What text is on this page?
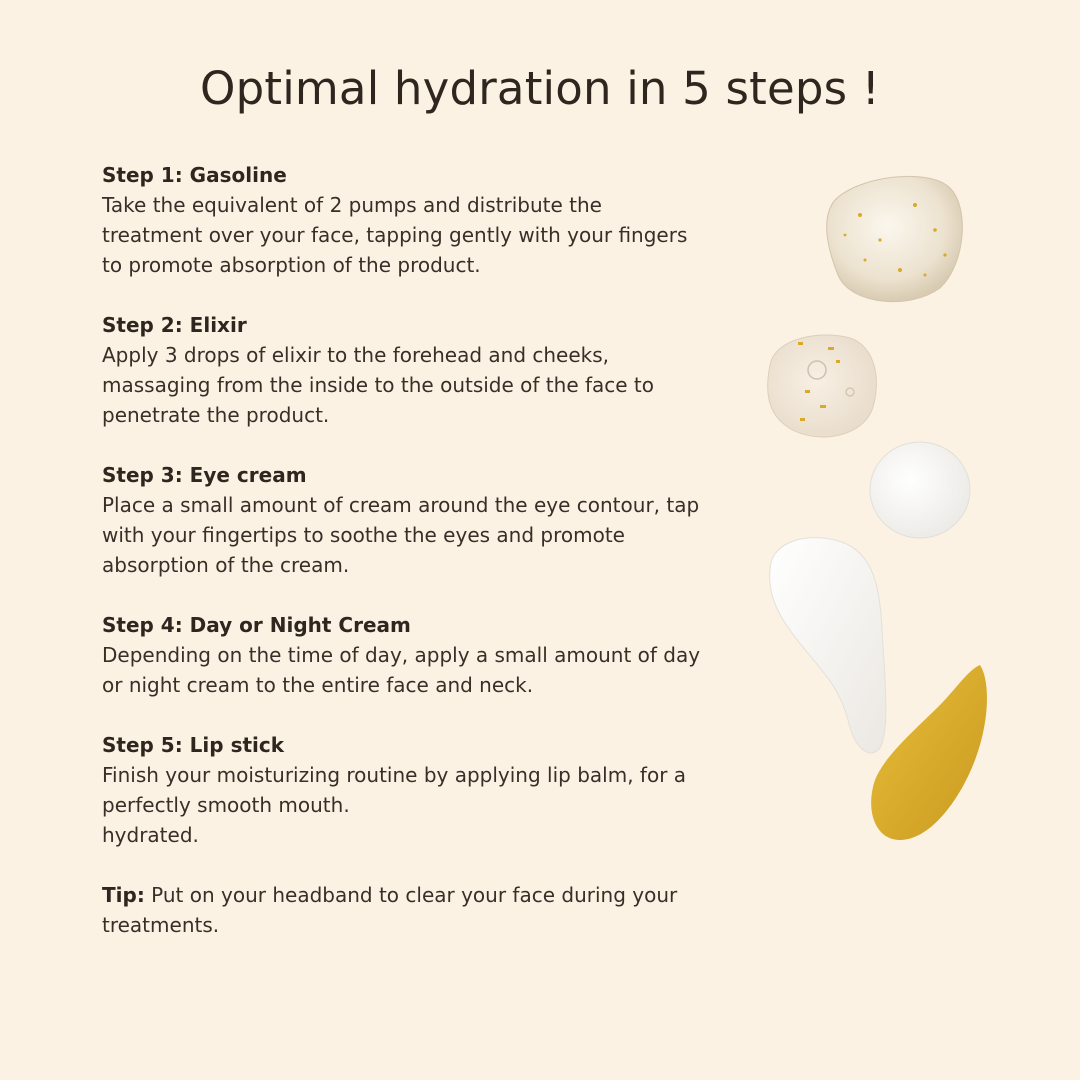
Optimal hydration in 5 steps !

Step 1: Gasoline

Take the equivalent of 2 pumps and distribute the

treatment over your face, tapping gently with your fingers

to promote absorption of the product.

Step 2: Elixir

Apply 3 drops of elixir to the forehead and cheeks,

massaging from the inside to the outside of the face to

penetrate the product.

Step 3: Eye cream

Place a small amount of cream around the eye contour, tap

with your fingertips to soothe the eyes and promote

absorption of the cream.

Step 4: Day or Night Cream

Depending on the time of day, apply a small amount of day

or night cream to the entire face and neck.

Step 5: Lip stick

Finish your moisturizing routine by applying lip balm, for a

perfectly smooth mouth.

hydrated.

Tip: Put on your headband to clear your face during your

treatments.
